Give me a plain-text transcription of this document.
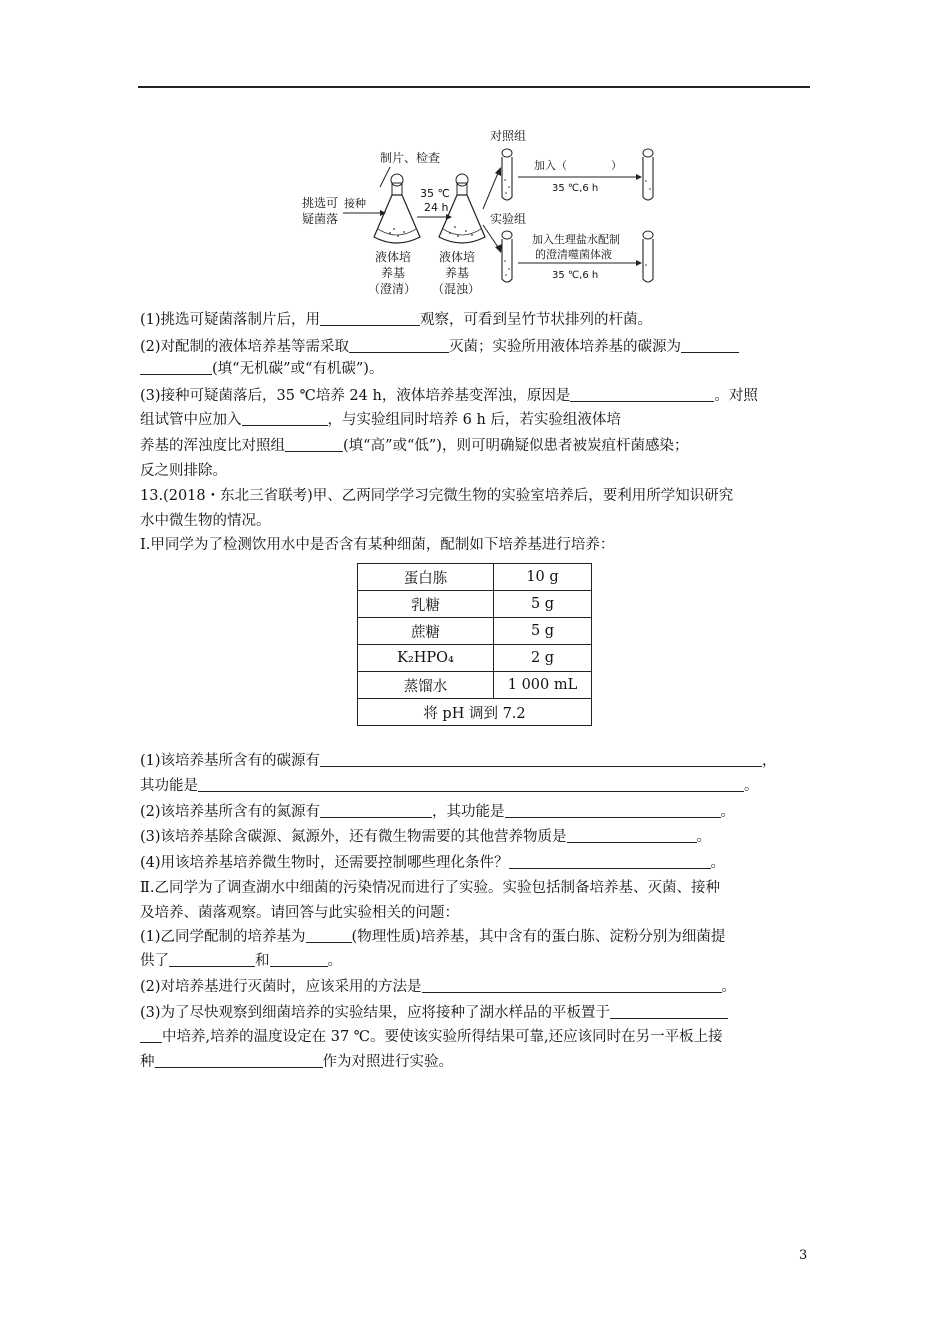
制片、检查
挑选可
疑菌落
接种
35 ℃
24 h
液体培
养基
（澄清）
液体培
养基
（混浊）
对照组
实验组
加入（　　　　）
35 ℃,6 h
加入生理盐水配制
的澄清噬菌体液
35 ℃,6 h
(1)挑选可疑菌落制片后，用	观察，可看到呈竹节状排列的杆菌。
(2)对配制的液体培养基等需采取	灭菌；实验所用液体培养基的碳源为
(填“无机碳”或“有机碳”)。
(3)接种可疑菌落后，35 ℃培养 24 h，液体培养基变浑浊，原因是	。对照
组试管中应加入	，与实验组同时培养 6 h 后，若实验组液体培
养基的浑浊度比对照组	(填“高”或“低”)，则可明确疑似患者被炭疽杆菌感染；
反之则排除。
13.(2018・东北三省联考)甲、乙两同学学习完微生物的实验室培养后，要利用所学知识研究
水中微生物的情况。
Ⅰ.甲同学为了检测饮用水中是否含有某种细菌，配制如下培养基进行培养：
蛋白胨	10 g
乳糖	5 g
蔗糖	5 g
K₂HPO₄	2 g
蒸馏水	1 000 mL
将 pH 调到 7.2	
(1)该培养基所含有的碳源有	，
其功能是	。
(2)该培养基所含有的氮源有	，其功能是	。
(3)该培养基除含碳源、氮源外，还有微生物需要的其他营养物质是	。
(4)用该培养基培养微生物时，还需要控制哪些理化条件？	。
Ⅱ.乙同学为了调查湖水中细菌的污染情况而进行了实验。实验包括制备培养基、灭菌、接种
及培养、菌落观察。请回答与此实验相关的问题：
(1)乙同学配制的培养基为	(物理性质)培养基，其中含有的蛋白胨、淀粉分别为细菌提
供了	和	。
(2)对培养基进行灭菌时，应该采用的方法是	。
(3)为了尽快观察到细菌培养的实验结果，应将接种了湖水样品的平板置于
中培养,培养的温度设定在 37 ℃。要使该实验所得结果可靠,还应该同时在另一平板上接
种	作为对照进行实验。
3
